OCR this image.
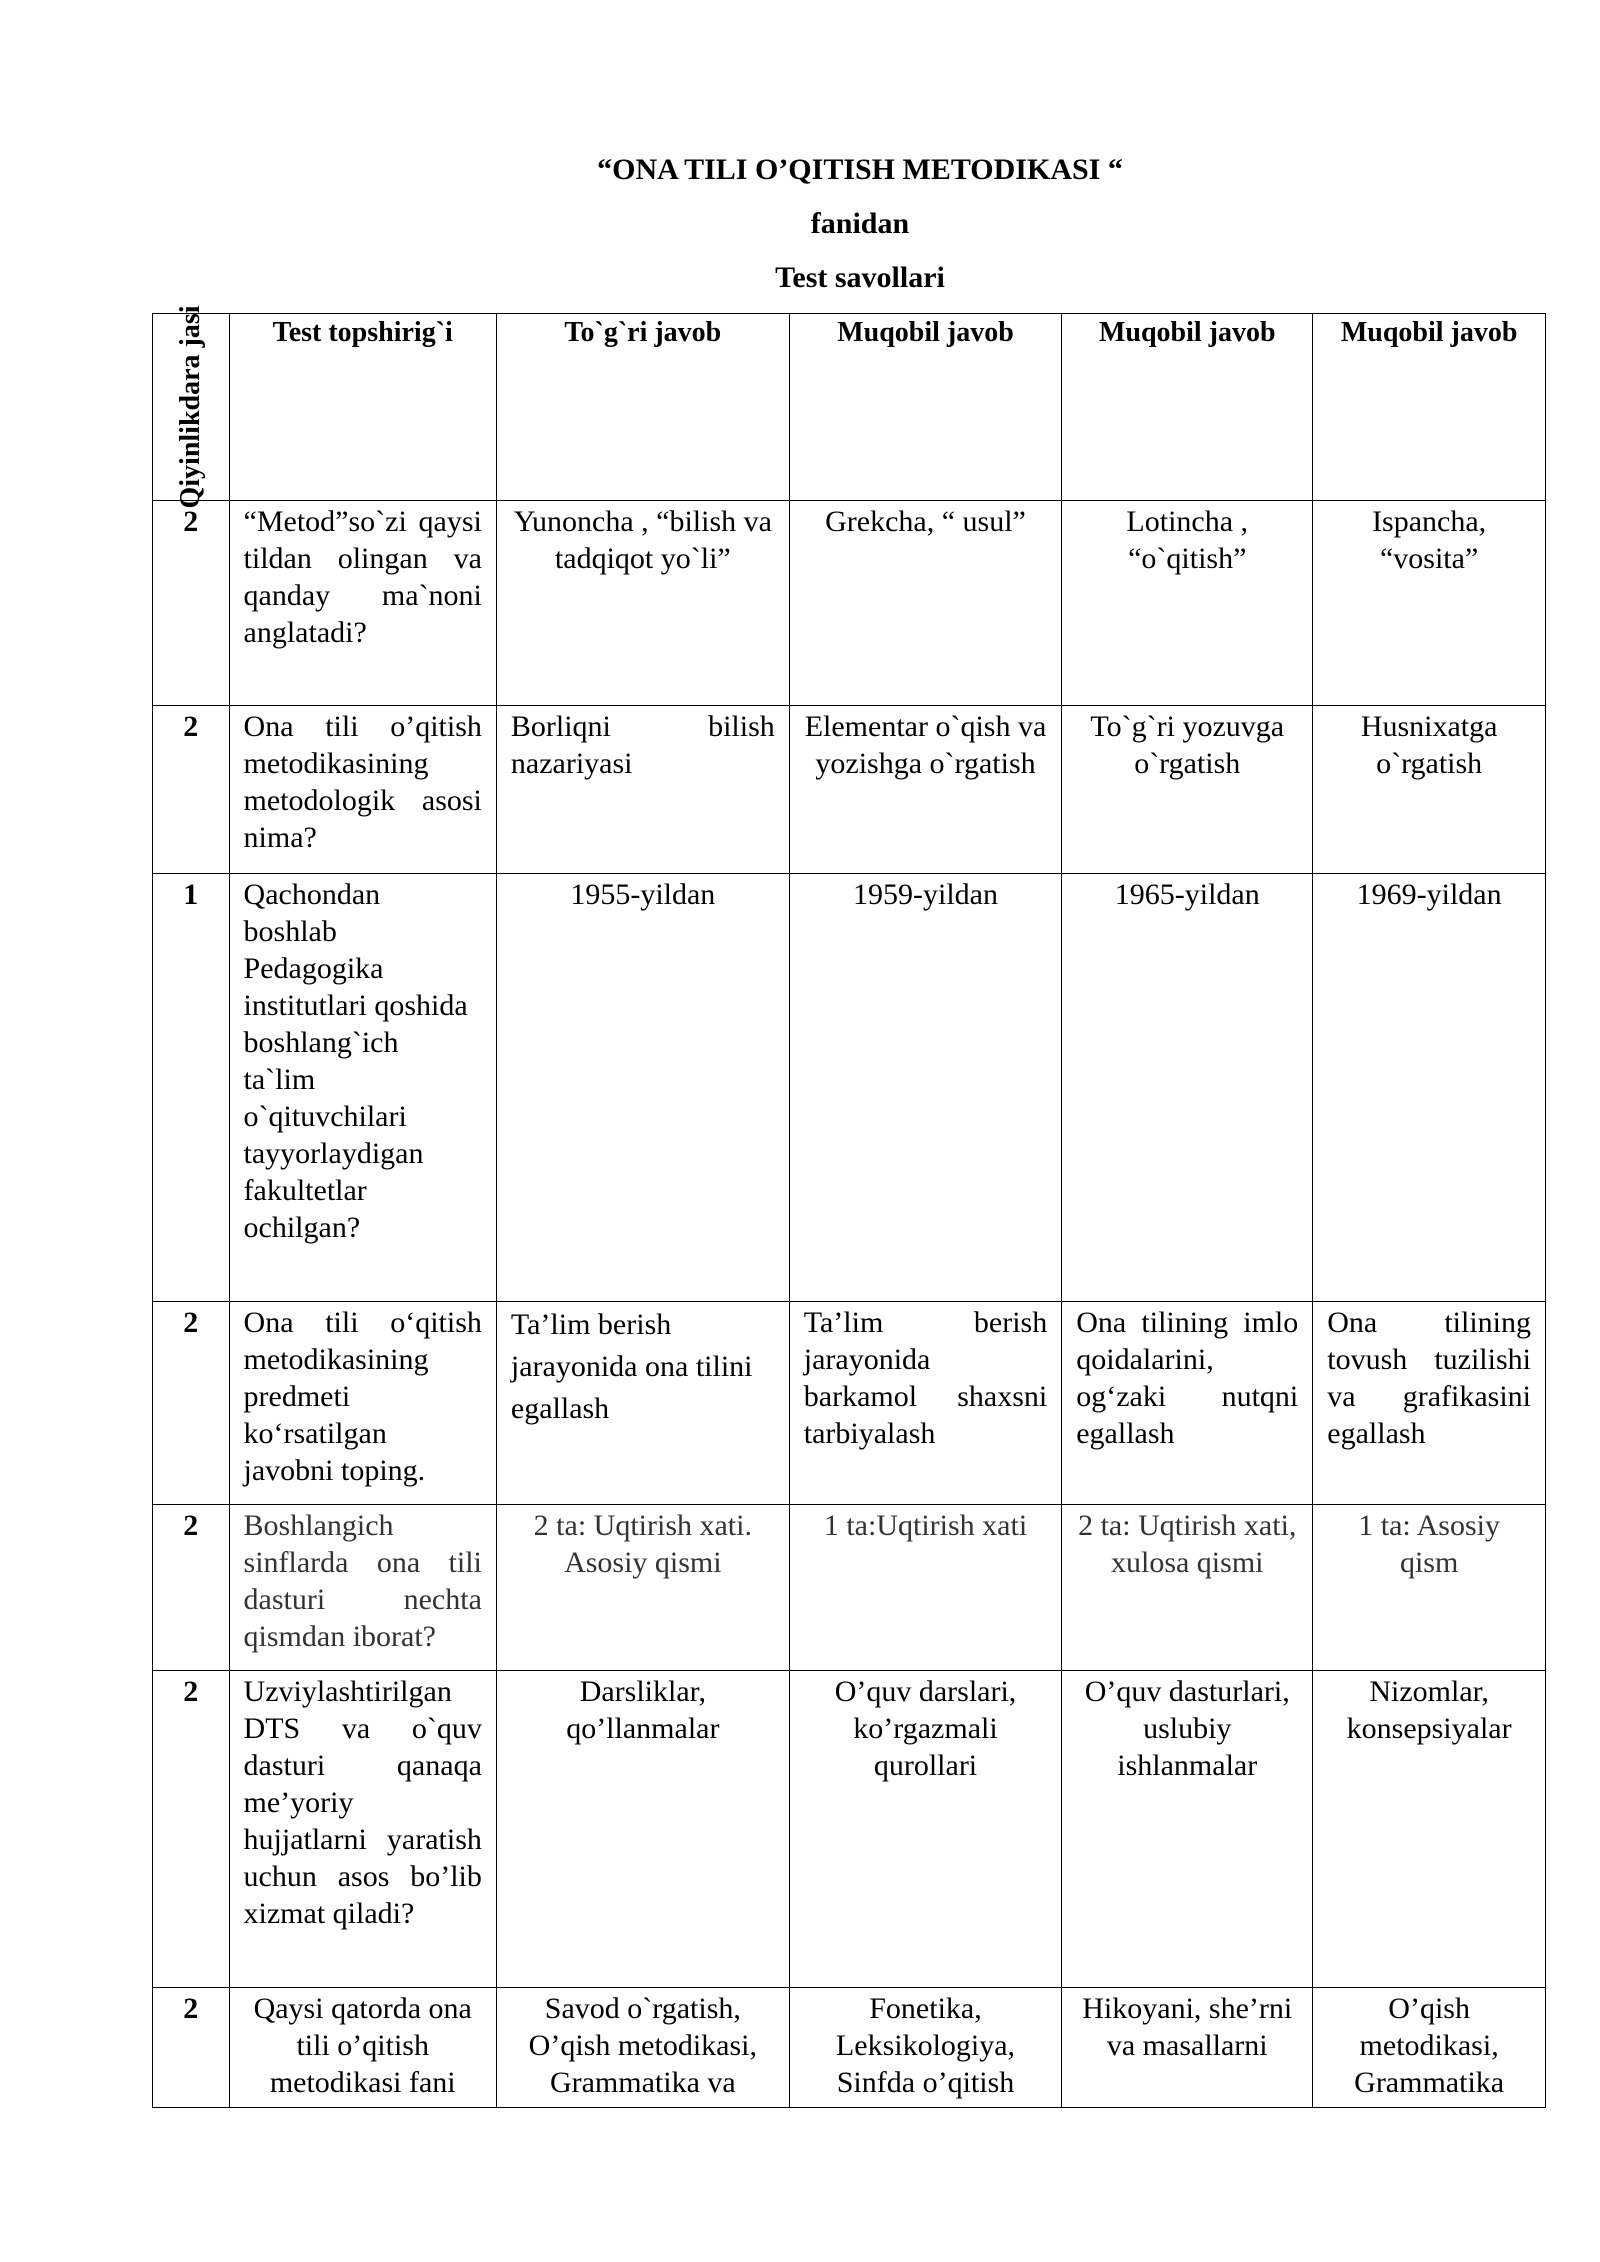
“ONA TILI O’QITISH METODIKASI “
fanidan
Test savollari
Qiyinlikdara jasi	Test topshirig`i	To`g`ri javob	Muqobil javob	Muqobil javob	Muqobil javob
2	“Metod”so`zi qaysi tildan olingan va qanday ma`noni anglatadi?	Yunoncha , “bilish va tadqiqot yo`li”	Grekcha, “ usul”	Lotincha , “o`qitish”	Ispancha, “vosita”
2	Ona tili o’qitish metodikasining metodologik asosi nima?	Borliqni bilish nazariyasi	Elementar o`qish va yozishga o`rgatish	To`g`ri yozuvga o`rgatish	Husnixatga o`rgatish
1	Qachondan boshlab Pedagogika institutlari qoshida boshlang`ich ta`lim o`qituvchilari tayyorlaydigan fakultetlar ochilgan?	1955-yildan	1959-yildan	1965-yildan	1969-yildan
2	Ona tili o‘qitish metodikasining predmeti ko‘rsatilgan javobni toping.	Ta’lim berish jarayonida ona tilini egallash	Ta’lim berish jarayonida barkamol shaxsni tarbiyalash	Ona tilining imlo qoidalarini, og‘zaki nutqni egallash	Ona tilining tovush tuzilishi va grafikasini egallash
2	Boshlangich sinflarda ona tili dasturi nechta qismdan iborat?	2 ta: Uqtirish xati. Asosiy qismi	1 ta:Uqtirish xati	2 ta: Uqtirish xati, xulosa qismi	1 ta: Asosiy qism
2	Uzviylashtirilgan DTS va o`quv dasturi qanaqa me’yoriy hujjatlarni yaratish uchun asos bo’lib xizmat qiladi?	Darsliklar, qo’llanmalar	O’quv darslari, ko’rgazmali qurollari	O’quv dasturlari, uslubiy ishlanmalar	Nizomlar, konsepsiyalar
2	Qaysi qatorda ona tili o’qitish metodikasi fani	Savod o`rgatish, O’qish metodikasi, Grammatika va	Fonetika, Leksikologiya, Sinfda o’qitish	Hikoyani, she’rni va masallarni	O’qish metodikasi, Grammatika
